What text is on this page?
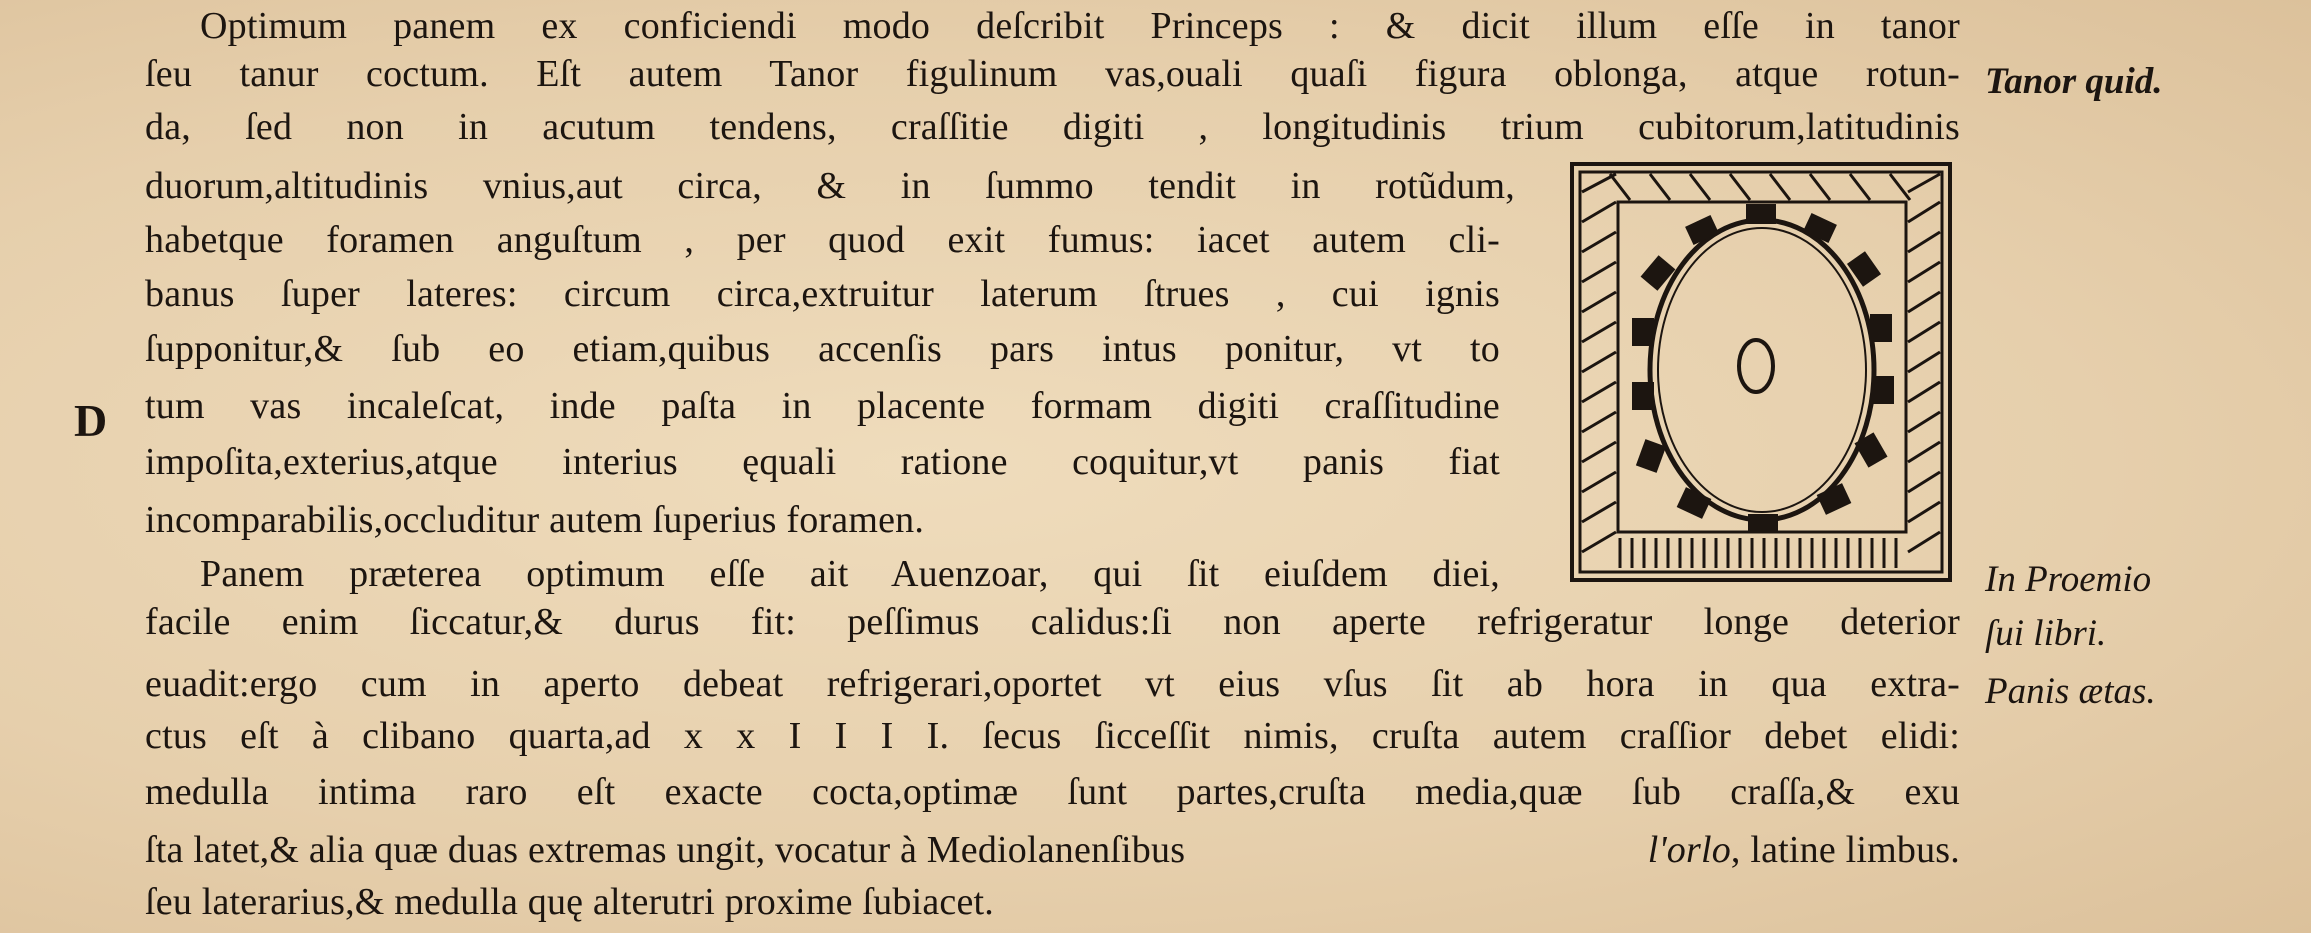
Optimum panem ex conficiendi modo deſcribit Princeps : & dicit illum eſſe in tanor
ſeu tanur coctum. Eſt autem Tanor figulinum vas,ouali quaſi figura oblonga, atque rotun-
da, ſed non in acutum tendens, craſſitie digiti , longitudinis trium cubitorum,latitudinis
duorum,altitudinis vnius,aut circa, & in ſummo tendit in rotũdum,
habetque foramen anguſtum , per quod exit fumus: iacet autem cli-
banus ſuper lateres: circum circa,extruitur laterum ſtrues , cui ignis
ſupponitur,& ſub eo etiam,quibus accenſis pars intus ponitur, vt to
tum vas incaleſcat, inde paſta in placente formam digiti craſſitudine
impoſita,exterius,atque interius ęquali ratione coquitur,vt panis fiat
incomparabilis,occluditur autem ſuperius foramen.
Panem præterea optimum eſſe ait Auenzoar, qui ſit eiuſdem diei,
facile enim ſiccatur,& durus fit: peſſimus calidus:ſi non aperte refrigeratur longe deterior
euadit:ergo cum in aperto debeat refrigerari,oportet vt eius vſus ſit ab hora in qua extra-
ctus eſt à clibano quarta,ad x x I I I I. ſecus ſicceſſit nimis, cruſta autem craſſior debet elidi:
medulla intima raro eſt exacte cocta,optimæ ſunt partes,cruſta media,quæ ſub craſſa,& exu
ſta latet,& alia quæ duas extremas ungit, vocatur à Mediolanenſibus	l'orlo, latine limbus.
ſeu laterarius,& medulla quę alterutri proxime ſubiacet.
D
Tanor quid.
In Proemio
ſui libri.
Panis ætas.
